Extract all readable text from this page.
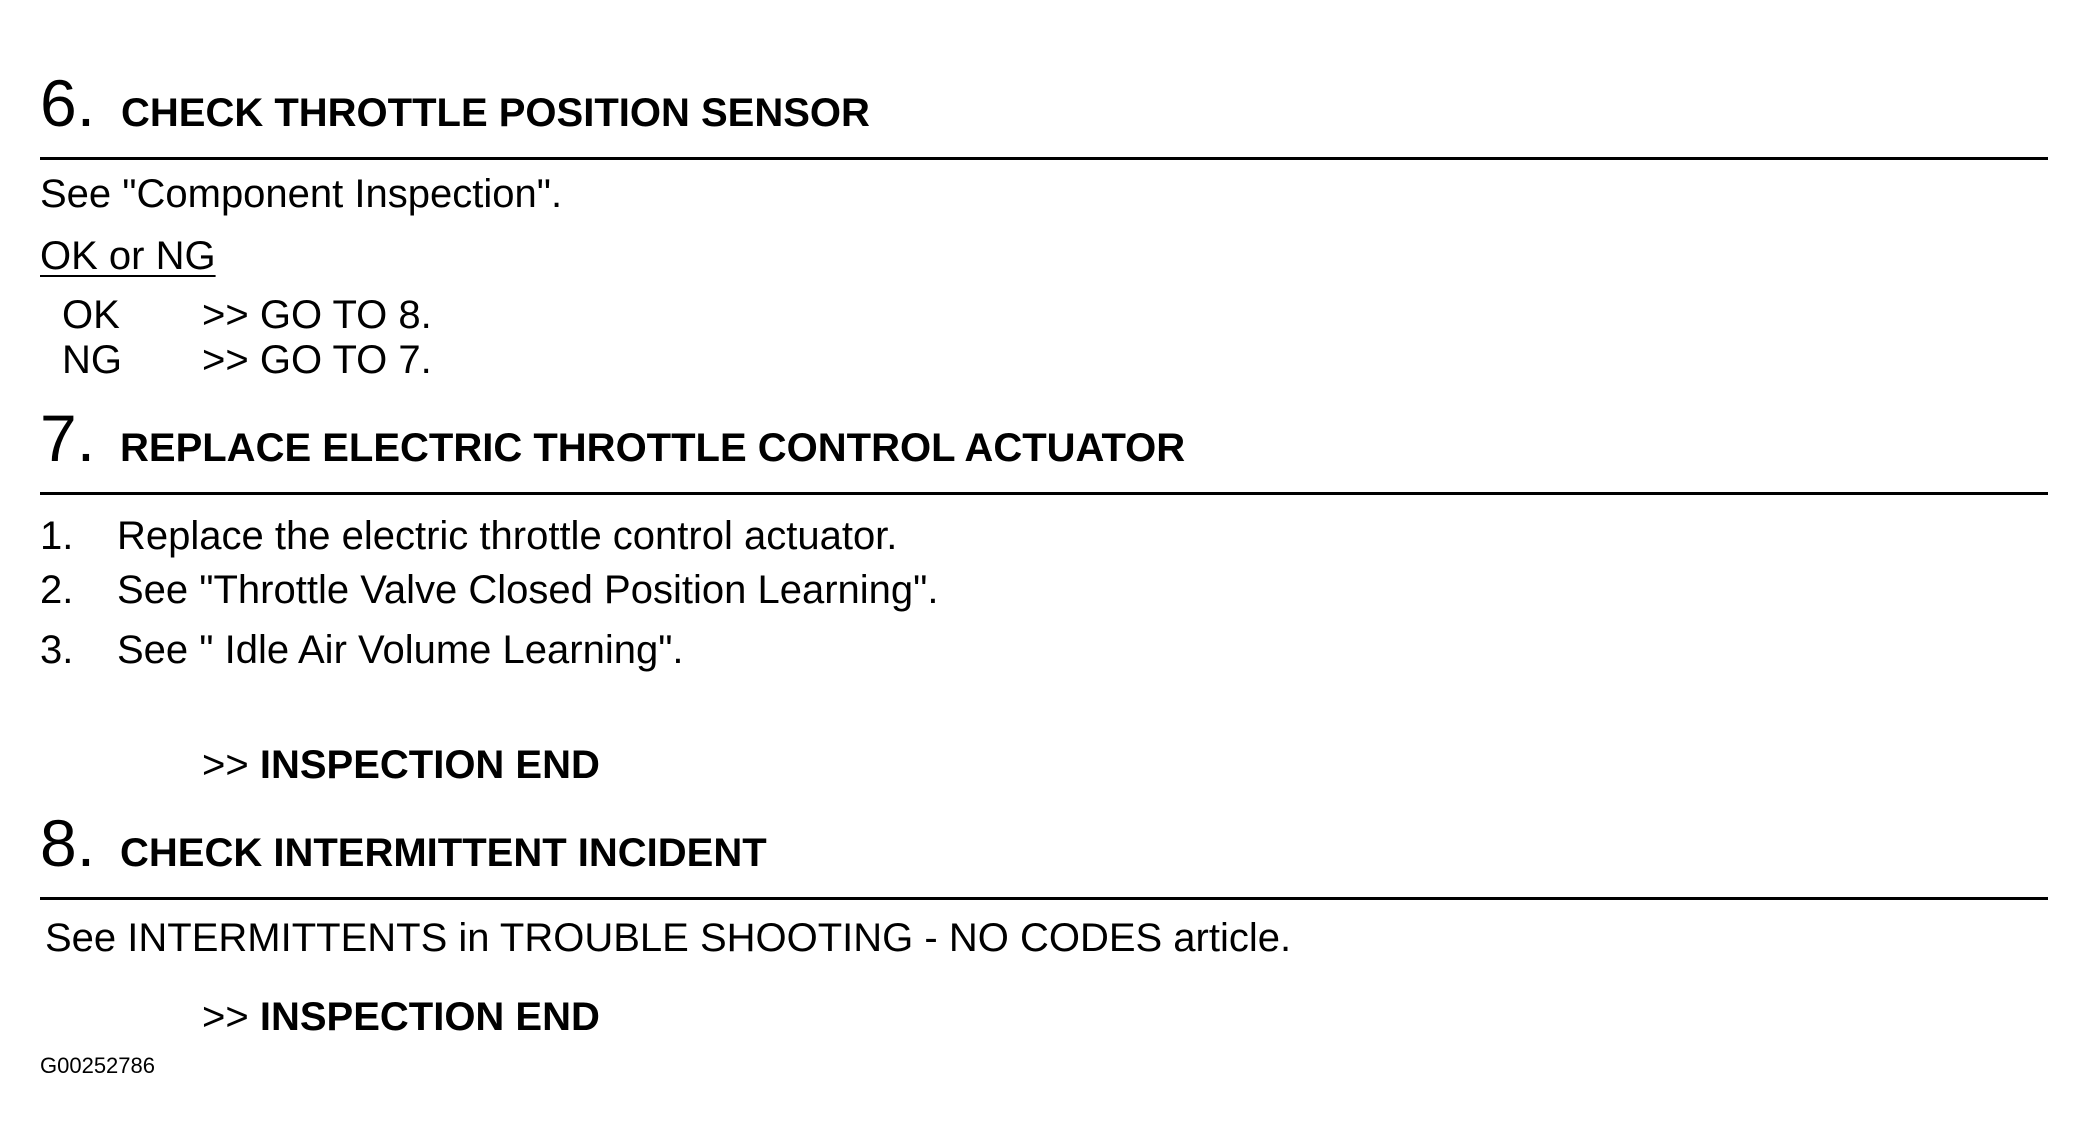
6. CHECK THROTTLE POSITION SENSOR
See "Component Inspection".
OK or NG
OK >> GO TO 8.
NG >> GO TO 7.
7. REPLACE ELECTRIC THROTTLE CONTROL ACTUATOR
1. Replace the electric throttle control actuator.
2. See "Throttle Valve Closed Position Learning".
3. See " Idle Air Volume Learning".
>> INSPECTION END
8. CHECK INTERMITTENT INCIDENT
See INTERMITTENTS in TROUBLE SHOOTING - NO CODES article.
>> INSPECTION END
G00252786
